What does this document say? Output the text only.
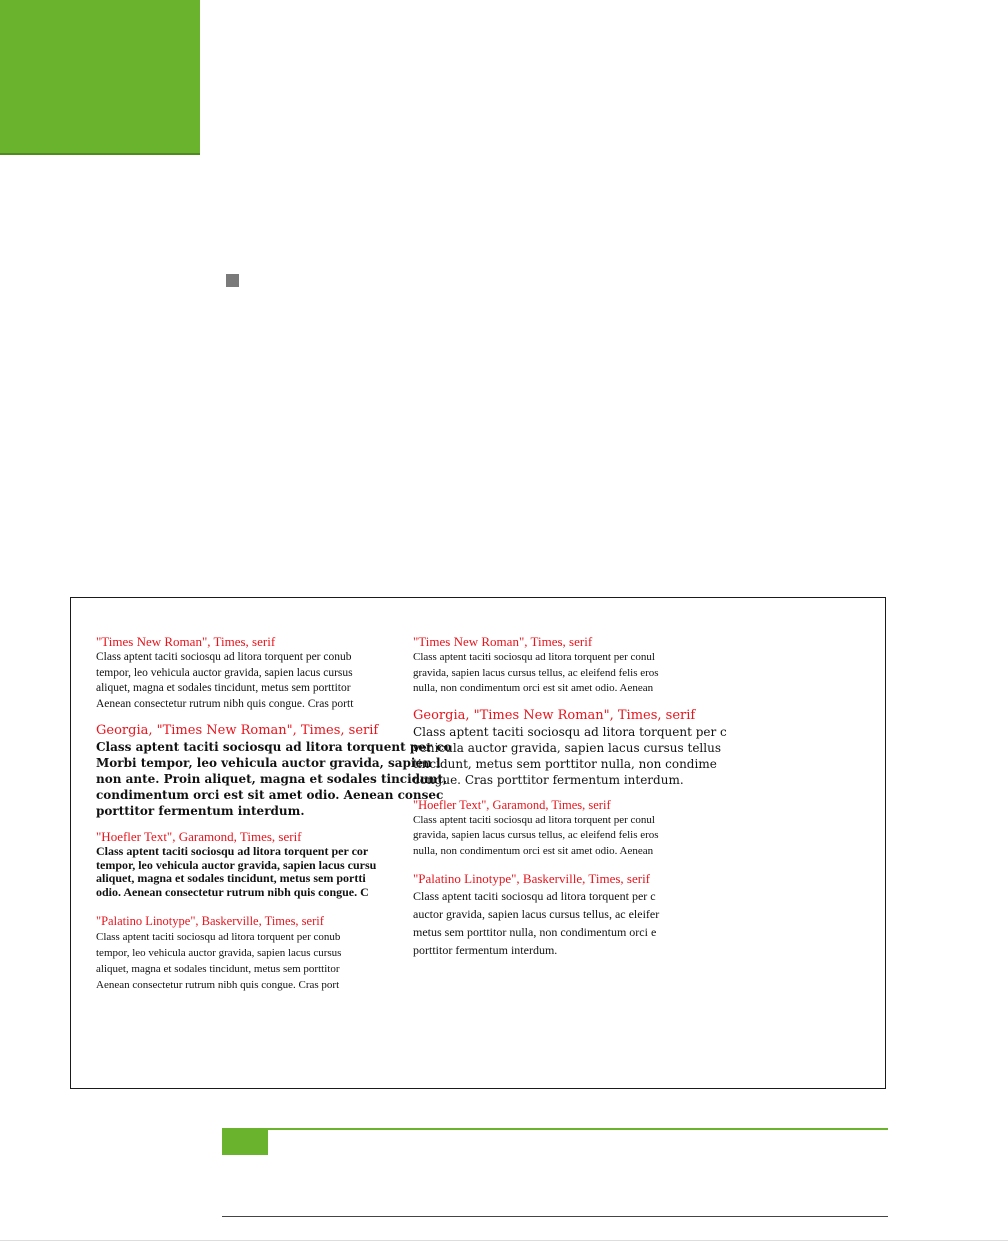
"Times New Roman", Times, serif
Class aptent taciti sociosqu ad litora torquent per conub
tempor, leo vehicula auctor gravida, sapien lacus cursus
aliquet, magna et sodales tincidunt, metus sem porttitor
Aenean consectetur rutrum nibh quis congue. Cras portt
Georgia, "Times New Roman", Times, serif
Class aptent taciti sociosqu ad litora torquent per co
Morbi tempor, leo vehicula auctor gravida, sapien l
non ante. Proin aliquet, magna et sodales tincidunt,
condimentum orci est sit amet odio. Aenean consec
porttitor fermentum interdum.
"Hoefler Text", Garamond, Times, serif
Class aptent taciti sociosqu ad litora torquent per cor
tempor, leo vehicula auctor gravida, sapien lacus cursu
aliquet, magna et sodales tincidunt, metus sem portti
odio. Aenean consectetur rutrum nibh quis congue. C
"Palatino Linotype", Baskerville, Times, serif
Class aptent taciti sociosqu ad litora torquent per conub
tempor, leo vehicula auctor gravida, sapien lacus cursus
aliquet, magna et sodales tincidunt, metus sem porttitor
Aenean consectetur rutrum nibh quis congue. Cras port
"Times New Roman", Times, serif
Class aptent taciti sociosqu ad litora torquent per conul
gravida, sapien lacus cursus tellus, ac eleifend felis eros
nulla, non condimentum orci est sit amet odio. Aenean
Georgia, "Times New Roman", Times, serif
Class aptent taciti sociosqu ad litora torquent per c
vehicula auctor gravida, sapien lacus cursus tellus
tincidunt, metus sem porttitor nulla, non condime
congue. Cras porttitor fermentum interdum.
"Hoefler Text", Garamond, Times, serif
Class aptent taciti sociosqu ad litora torquent per conul
gravida, sapien lacus cursus tellus, ac eleifend felis eros
nulla, non condimentum orci est sit amet odio. Aenean
"Palatino Linotype", Baskerville, Times, serif
Class aptent taciti sociosqu ad litora torquent per c
auctor gravida, sapien lacus cursus tellus, ac eleifer
metus sem porttitor nulla, non condimentum orci e
porttitor fermentum interdum.
